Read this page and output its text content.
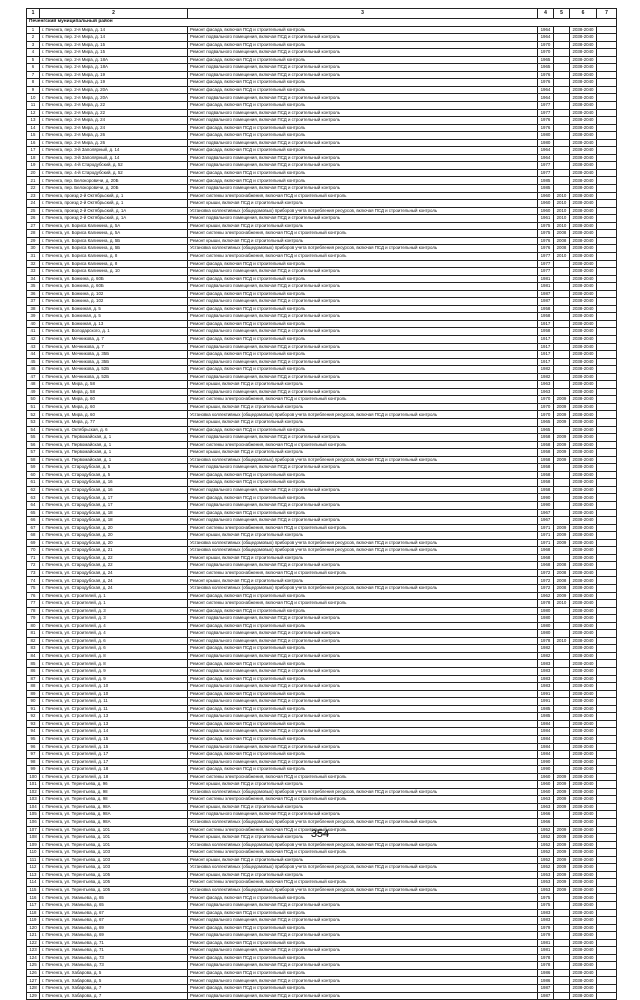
1	2	3	4	5	6	7
Печенгский муниципальный район						
1	г. Печенга, пер. 2-я Мира, д. 14	Ремонт фасада, включая ПСД и строительный контроль	1964		2038-2040	
2	г. Печенга, пер. 2-я Мира, д. 14	Ремонт подвального помещения, включая ПСД и строительный контроль	1964		2038-2040	
3	г. Печенга, пер. 2-я Мира, д. 15	Ремонт фасада, включая ПСД и строительный контроль	1970		2038-2040	
4	г. Печенга, пер. 2-я Мира, д. 15	Ремонт подвального помещения, включая ПСД и строительный контроль	1970		2038-2040	
5	г. Печенга, пер. 2-я Мира, д. 18А	Ремонт фасада, включая ПСД и строительный контроль	1965		2038-2040	
6	г. Печенга, пер. 2-я Мира, д. 18А	Ремонт подвального помещения, включая ПСД и строительный контроль	1965		2038-2040	
7	г. Печенга, пер. 2-я Мира, д. 19	Ремонт подвального помещения, включая ПСД и строительный контроль	1976		2038-2040	
8	г. Печенга, пер. 2-я Мира, д. 19	Ремонт фасада, включая ПСД и строительный контроль	1976		2038-2040	
9	г. Печенга, пер. 2-я Мира, д. 20А	Ремонт фасада, включая ПСД и строительный контроль	1964		2038-2040	
10	г. Печенга, пер. 2-я Мира, д. 20А	Ремонт подвального помещения, включая ПСД и строительный контроль	1964		2038-2040	
11	г. Печенга, пер. 2-я Мира, д. 22	Ремонт фасада, включая ПСД и строительный контроль	1977		2038-2040	
12	г. Печенга, пер. 2-я Мира, д. 22	Ремонт подвального помещения, включая ПСД и строительный контроль	1977		2038-2040	
13	г. Печенга, пер. 2-я Мира, д. 24	Ремонт подвального помещения, включая ПСД и строительный контроль	1976		2038-2040	
14	г. Печенга, пер. 2-я Мира, д. 24	Ремонт фасада, включая ПСД и строительный контроль	1976		2038-2040	
15	г. Печенга, пер. 2-я Мира, д. 26	Ремонт фасада, включая ПСД и строительный контроль	1980		2038-2040	
16	г. Печенга, пер. 2-я Мира, д. 26	Ремонт подвального помещения, включая ПСД и строительный контроль	1980		2038-2040	
17	г. Печенга, пер. 3-й Заполярный, д. 14	Ремонт фасада, включая ПСД и строительный контроль	1964		2038-2040	
18	г. Печенга, пер. 3-й Заполярный, д. 14	Ремонт подвального помещения, включая ПСД и строительный контроль	1964		2038-2040	
19	г. Печенга, пер. 4-й Стародубский, д. 52	Ремонт подвального помещения, включая ПСД и строительный контроль	1977		2038-2040	
20	г. Печенга, пер. 4-й Стародубский, д. 52	Ремонт фасада, включая ПСД и строительный контроль	1977		2038-2040	
21	г. Печенга, пер. Белокоровичи, д. 20Б	Ремонт фасада, включая ПСД и строительный контроль	1985		2038-2040	
22	г. Печенга, пер. Белокоровичи, д. 20Б	Ремонт подвального помещения, включая ПСД и строительный контроль	1985		2038-2040	
23	г. Печенга, проезд 2-й Октябрьский, д. 1	Ремонт системы электроснабжения, включая ПСД и строительный контроль	1960	2010	2038-2040	
24	г. Печенга, проезд 2-й Октябрьский, д. 1	Ремонт крыши, включая ПСД и строительный контроль	1960	2010	2038-2040	
25	г. Печенга, проезд 2-й Октябрьский, д. 1А	Установка коллективных (общедомовых) приборов учета потребления ресурсов, включая ПСД и строительный контроль	1960	2010	2038-2040	
26	г. Печенга, проезд 2-й Октябрьский, д. 1А	Ремонт подвального помещения, включая ПСД и строительный контроль	1961	2010	2038-2040	
27	г. Печенга, ул. Бориса Калинина, д. 5А	Ремонт крыши, включая ПСД и строительный контроль	1975	2010	2038-2040	
28	г. Печенга, ул. Бориса Калинина, д. 5А	Ремонт системы электроснабжения, включая ПСД и строительный контроль	1975	2008	2038-2040	
29	г. Печенга, ул. Бориса Калинина, д. 5Б	Ремонт крыши, включая ПСД и строительный контроль	1976	2008	2038-2040	
30	г. Печенга, ул. Бориса Калинина, д. 5Б	Установка коллективных (общедомовых) приборов учета потребления ресурсов, включая ПСД и строительный контроль	1976	2008	2038-2040	
31	г. Печенга, ул. Бориса Калинина, д. 8	Ремонт системы электроснабжения, включая ПСД и строительный контроль	1977	2010	2038-2040	
32	г. Печенга, ул. Бориса Калинина, д. 8	Ремонт фасада, включая ПСД и строительный контроль	1977		2038-2040	
33	г. Печенга, ул. Бориса Калинина, д. 10	Ремонт подвального помещения, включая ПСД и строительный контроль	1977		2038-2040	
34	г. Печенга, ул. Бонкина, д. 60Б	Ремонт фасада, включая ПСД и строительный контроль	1981		2038-2040	
35	г. Печенга, ул. Бонкина, д. 60Б	Ремонт подвального помещения, включая ПСД и строительный контроль	1981		2038-2040	
36	г. Печенга, ул. Бонкина, д. 102	Ремонт фасада, включая ПСД и строительный контроль	1987		2038-2040	
37	г. Печенга, ул. Бонкина, д. 102	Ремонт подвального помещения, включая ПСД и строительный контроль	1987		2038-2040	
38	г. Печенга, ул. Бонкиная, д. 5	Ремонт фасада, включая ПСД и строительный контроль	1958		2038-2040	
39	г. Печенга, ул. Бонкиная, д. 5	Ремонт подвального помещения, включая ПСД и строительный контроль	1958		2038-2040	
40	г. Печенга, ул. Бонкиная, д. 13	Ремонт фасада, включая ПСД и строительный контроль	1917		2038-2040	
41	г. Печенга, ул. Володарского, д. 1	Ремонт подвального помещения, включая ПСД и строительный контроль	1958		2038-2040	
42	г. Печенга, ул. Мечникова, д. 7	Ремонт фасада, включая ПСД и строительный контроль	1917		2038-2040	
43	г. Печенга, ул. Мечникова, д. 7	Ремонт подвального помещения, включая ПСД и строительный контроль	1917		2038-2040	
44	г. Печенга, ул. Мечникова, д. 35Б	Ремонт фасада, включая ПСД и строительный контроль	1917		2038-2040	
45	г. Печенга, ул. Мечникова, д. 35Б	Ремонт подвального помещения, включая ПСД и строительный контроль	1917		2038-2040	
46	г. Печенга, ул. Мечникова, д. 52Б	Ремонт фасада, включая ПСД и строительный контроль	1982		2038-2040	
47	г. Печенга, ул. Мечникова, д. 52Б	Ремонт подвального помещения, включая ПСД и строительный контроль	1982		2038-2040	
48	г. Печенга, ул. Мира, д. 58	Ремонт крыши, включая ПСД и строительный контроль	1963		2038-2040	
49	г. Печенга, ул. Мира, д. 58	Ремонт подвального помещения, включая ПСД и строительный контроль	1963		2038-2040	
50	г. Печенга, ул. Мира, д. 60	Ремонт системы электроснабжения, включая ПСД и строительный контроль	1970	2009	2038-2040	
51	г. Печенга, ул. Мира, д. 60	Ремонт крыши, включая ПСД и строительный контроль	1970	2009	2038-2040	
52	г. Печенга, ул. Мира, д. 60	Установка коллективных (общедомовых) приборов учета потребления ресурсов, включая ПСД и строительный контроль	1970	2009	2038-2040	
53	г. Печенга, ул. Мира, д. 77	Ремонт крыши, включая ПСД и строительный контроль	1965	2009	2038-2040	
54	г. Печенга, ул. Октябрьская, д. 6	Ремонт фасада, включая ПСД и строительный контроль	1965		2038-2040	
55	г. Печенга, ул. Первомайская, д. 1	Ремонт подвального помещения, включая ПСД и строительный контроль	1958	2009	2038-2040	
56	г. Печенга, ул. Первомайская, д. 1	Ремонт системы электроснабжения, включая ПСД и строительный контроль	1958	2009	2038-2040	
57	г. Печенга, ул. Первомайская, д. 1	Ремонт крыши, включая ПСД и строительный контроль	1958	2009	2038-2040	
58	г. Печенга, ул. Первомайская, д. 1	Установка коллективных (общедомовых) приборов учета потребления ресурсов, включая ПСД и строительный контроль	1958	2009	2038-2040	
59	г. Печенга, ул. Стародубская, д. 5	Ремонт подвального помещения, включая ПСД и строительный контроль	1958		2038-2040	
60	г. Печенга, ул. Стародубская, д. 5	Ремонт фасада, включая ПСД и строительный контроль	1958		2038-2040	
61	г. Печенга, ул. Стародубская, д. 16	Ремонт фасада, включая ПСД и строительный контроль	1958		2038-2040	
62	г. Печенга, ул. Стародубская, д. 16	Ремонт подвального помещения, включая ПСД и строительный контроль	1958		2038-2040	
63	г. Печенга, ул. Стародубская, д. 17	Ремонт фасада, включая ПСД и строительный контроль	1990		2038-2040	
64	г. Печенга, ул. Стародубская, д. 17	Ремонт подвального помещения, включая ПСД и строительный контроль	1990		2038-2040	
65	г. Печенга, ул. Стародубская, д. 18	Ремонт фасада, включая ПСД и строительный контроль	1967		2038-2040	
66	г. Печенга, ул. Стародубская, д. 18	Ремонт подвального помещения, включая ПСД и строительный контроль	1967		2038-2040	
67	г. Печенга, ул. Стародубская, д. 20	Ремонт системы электроснабжения, включая ПСД и строительный контроль	1971	2009	2038-2040	
68	г. Печенга, ул. Стародубская, д. 20	Ремонт крыши, включая ПСД и строительный контроль	1971	2009	2038-2040	
69	г. Печенга, ул. Стародубская, д. 20	Установка коллективных (общедомовых) приборов учета потребления ресурсов, включая ПСД и строительный контроль	1971	2009	2038-2040	
70	г. Печенга, ул. Стародубская, д. 21	Установка коллективных (общедомовых) приборов учета потребления ресурсов, включая ПСД и строительный контроль	1968		2038-2040	
71	г. Печенга, ул. Стародубская, д. 22	Ремонт крыши, включая ПСД и строительный контроль	1968		2038-2040	
72	г. Печенга, ул. Стародубская, д. 22	Ремонт подвального помещения, включая ПСД и строительный контроль	1968	2008	2038-2040	
73	г. Печенга, ул. Стародубская, д. 24	Ремонт системы электроснабжения, включая ПСД и строительный контроль	1972	2008	2038-2040	
74	г. Печенга, ул. Стародубская, д. 24	Ремонт крыши, включая ПСД и строительный контроль	1972	2008	2038-2040	
75	г. Печенга, ул. Стародубская, д. 24	Установка коллективных (общедомовых) приборов учета потребления ресурсов, включая ПСД и строительный контроль	1972	2008	2038-2040	
76	г. Печенга, ул. Строителей, д. 1	Ремонт фасада, включая ПСД и строительный контроль	1962	2009	2038-2040	
77	г. Печенга, ул. Строителей, д. 1	Ремонт системы электроснабжения, включая ПСД и строительный контроль	1978	2010	2038-2040	
78	г. Печенга, ул. Строителей, д. 3	Ремонт фасада, включая ПСД и строительный контроль	1980		2038-2040	
79	г. Печенга, ул. Строителей, д. 3	Ремонт подвального помещения, включая ПСД и строительный контроль	1980		2038-2040	
80	г. Печенга, ул. Строителей, д. 4	Ремонт фасада, включая ПСД и строительный контроль	1980		2038-2040	
81	г. Печенга, ул. Строителей, д. 4	Ремонт подвального помещения, включая ПСД и строительный контроль	1980		2038-2040	
82	г. Печенга, ул. Строителей, д. 6	Ремонт подвального помещения, включая ПСД и строительный контроль	1978	2010	2038-2040	
83	г. Печенга, ул. Строителей, д. 6	Ремонт фасада, включая ПСД и строительный контроль	1982		2038-2040	
84	г. Печенга, ул. Строителей, д. 8	Ремонт подвального помещения, включая ПСД и строительный контроль	1982		2038-2040	
85	г. Печенга, ул. Строителей, д. 8	Ремонт фасада, включая ПСД и строительный контроль	1983		2038-2040	
86	г. Печенга, ул. Строителей, д. 9	Ремонт подвального помещения, включая ПСД и строительный контроль	1983		2038-2040	
87	г. Печенга, ул. Строителей, д. 9	Ремонт фасада, включая ПСД и строительный контроль	1983		2038-2040	
88	г. Печенга, ул. Строителей, д. 10	Ремонт подвального помещения, включая ПСД и строительный контроль	1983		2038-2040	
89	г. Печенга, ул. Строителей, д. 10	Ремонт фасада, включая ПСД и строительный контроль	1991		2038-2040	
90	г. Печенга, ул. Строителей, д. 11	Ремонт подвального помещения, включая ПСД и строительный контроль	1991		2038-2040	
91	г. Печенга, ул. Строителей, д. 11	Ремонт фасада, включая ПСД и строительный контроль	1985		2038-2040	
92	г. Печенга, ул. Строителей, д. 13	Ремонт подвального помещения, включая ПСД и строительный контроль	1985		2038-2040	
93	г. Печенга, ул. Строителей, д. 13	Ремонт фасада, включая ПСД и строительный контроль	1984		2038-2040	
94	г. Печенга, ул. Строителей, д. 14	Ремонт подвального помещения, включая ПСД и строительный контроль	1984		2038-2040	
95	г. Печенга, ул. Строителей, д. 15	Ремонт фасада, включая ПСД и строительный контроль	1984		2038-2040	
96	г. Печенга, ул. Строителей, д. 15	Ремонт подвального помещения, включая ПСД и строительный контроль	1984		2038-2040	
97	г. Печенга, ул. Строителей, д. 17	Ремонт фасада, включая ПСД и строительный контроль	1984		2038-2040	
98	г. Печенга, ул. Строителей, д. 17	Ремонт подвального помещения, включая ПСД и строительный контроль	1990		2038-2040	
99	г. Печенга, ул. Строителей, д. 18	Ремонт фасада, включая ПСД и строительный контроль	1990		2038-2040	
100	г. Печенга, ул. Строителей, д. 18	Ремонт системы электроснабжения, включая ПСД и строительный контроль	1960	2009	2038-2040	
101	г. Печенга, ул. Терентьева, д. 96	Ремонт крыши, включая ПСД и строительный контроль	1960	2009	2038-2040	
102	г. Печенга, ул. Терентьева, д. 98	Установка коллективных (общедомовых) приборов учета потребления ресурсов, включая ПСД и строительный контроль	1960	2009	2038-2040	
103	г. Печенга, ул. Терентьева, д. 98	Ремонт системы электроснабжения, включая ПСД и строительный контроль	1963	2009	2038-2040	
104	г. Печенга, ул. Терентьева, д. 98А	Ремонт крыши, включая ПСД и строительный контроль	1963	2009	2038-2040	
105	г. Печенга, ул. Терентьева, д. 98А	Ремонт подвального помещения, включая ПСД и строительный контроль	1966		2038-2040	
106	г. Печенга, ул. Терентьева, д. 98А	Установка коллективных (общедомовых) приборов учета потребления ресурсов, включая ПСД и строительный контроль	1966		2038-2040	
107	г. Печенга, ул. Терентьева, д. 101	Ремонт системы электроснабжения, включая ПСД и строительный контроль	1952	2009	2038-2040	
108	г. Печенга, ул. Терентьева, д. 101	Ремонт крыши, включая ПСД и строительный контроль	1952	2009	2038-2040	
109	г. Печенга, ул. Терентьева, д. 101	Установка коллективных (общедомовых) приборов учета потребления ресурсов, включая ПСД и строительный контроль	1952	2009	2038-2040	
110	г. Печенга, ул. Терентьева, д. 103	Ремонт системы электроснабжения, включая ПСД и строительный контроль	1952	2009	2038-2040	
111	г. Печенга, ул. Терентьева, д. 103	Ремонт крыши, включая ПСД и строительный контроль	1952	2009	2038-2040	
112	г. Печенга, ул. Терентьева, д. 103	Установка коллективных (общедомовых) приборов учета потребления ресурсов, включая ПСД и строительный контроль	1952	2009	2038-2040	
113	г. Печенга, ул. Терентьева, д. 105	Ремонт крыши, включая ПСД и строительный контроль	1953	2009	2038-2040	
114	г. Печенга, ул. Терентьева, д. 105	Ремонт системы электроснабжения, включая ПСД и строительный контроль	1953	2009	2038-2040	
115	г. Печенга, ул. Терентьева, д. 105	Установка коллективных (общедомовых) приборов учета потребления ресурсов, включая ПСД и строительный контроль	1953	2009	2038-2040	
116	г. Печенга, ул. Уманьева, д. 65	Ремонт фасада, включая ПСД и строительный контроль	1975		2038-2040	
117	г. Печенга, ул. Уманьева, д. 65	Ремонт подвального помещения, включая ПСД и строительный контроль	1975		2038-2040	
118	г. Печенга, ул. Уманьева, д. 67	Ремонт фасада, включая ПСД и строительный контроль	1983		2038-2040	
119	г. Печенга, ул. Уманьева, д. 67	Ремонт подвального помещения, включая ПСД и строительный контроль	1983		2038-2040	
120	г. Печенга, ул. Уманьева, д. 69	Ремонт фасада, включая ПСД и строительный контроль	1979		2038-2040	
121	г. Печенга, ул. Уманьева, д. 69	Ремонт подвального помещения, включая ПСД и строительный контроль	1979		2038-2040	
122	г. Печенга, ул. Уманьева, д. 71	Ремонт фасада, включая ПСД и строительный контроль	1981		2038-2040	
123	г. Печенга, ул. Уманьева, д. 71	Ремонт подвального помещения, включая ПСД и строительный контроль	1981		2038-2040	
124	г. Печенга, ул. Уманьева, д. 73	Ремонт фасада, включая ПСД и строительный контроль	1978		2038-2040	
125	г. Печенга, ул. Уманьева, д. 73	Ремонт подвального помещения, включая ПСД и строительный контроль	1978		2038-2040	
126	г. Печенга, ул. Хабарова, д. 5	Ремонт фасада, включая ПСД и строительный контроль	1986		2038-2040	
127	г. Печенга, ул. Хабарова, д. 5	Ремонт подвального помещения, включая ПСД и строительный контроль	1986		2038-2040	
128	г. Печенга, ул. Хабарова, д. 7	Ремонт фасада, включая ПСД и строительный контроль	1987		2038-2040	
129	г. Печенга, ул. Хабарова, д. 7	Ремонт подвального помещения, включая ПСД и строительный контроль	1987		2038-2040	
354
